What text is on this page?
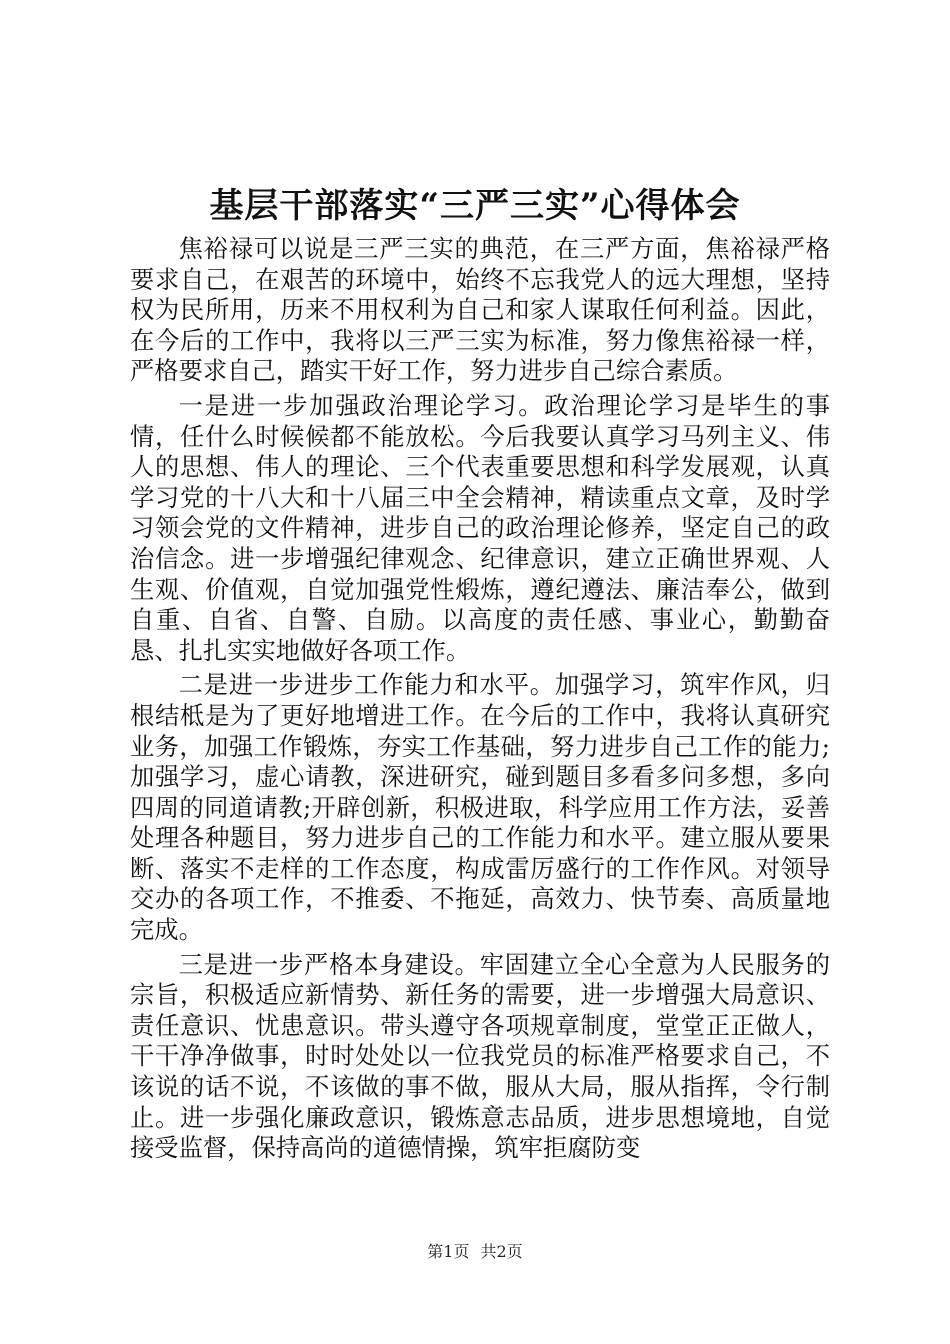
基层干部落实“三严三实”心得体会

焦裕禄可以说是三严三实的典范，在三严方面，焦裕禄严格要求自己，在艰苦的环境中，始终不忘我党人的远大理想，坚持权为民所用，历来不用权利为自己和家人谋取任何利益。因此，在今后的工作中，我将以三严三实为标准，努力像焦裕禄一样，严格要求自己，踏实干好工作，努力进步自己综合素质。

一是进一步加强政治理论学习。政治理论学习是毕生的事情，任什么时候候都不能放松。今后我要认真学习马列主义、伟人的思想、伟人的理论、三个代表重要思想和科学发展观，认真学习党的十八大和十八届三中全会精神，精读重点文章，及时学习领会党的文件精神，进步自己的政治理论修养，坚定自己的政治信念。进一步增强纪律观念、纪律意识，建立正确世界观、人生观、价值观，自觉加强党性煅炼，遵纪遵法、廉洁奉公，做到自重、自省、自警、自励。以高度的责任感、事业心，勤勤奋恳、扎扎实实地做好各项工作。

二是进一步进步工作能力和水平。加强学习，筑牢作风，归根结柢是为了更好地增进工作。在今后的工作中，我将认真研究业务，加强工作锻炼，夯实工作基础，努力进步自己工作的能力;加强学习，虚心请教，深进研究，碰到题目多看多问多想，多向四周的同道请教;开辟创新，积极进取，科学应用工作方法，妥善处理各种题目，努力进步自己的工作能力和水平。建立服从要果断、落实不走样的工作态度，构成雷厉盛行的工作作风。对领导交办的各项工作，不推委、不拖延，高效力、快节奏、高质量地完成。

三是进一步严格本身建设。牢固建立全心全意为人民服务的宗旨，积极适应新情势、新任务的需要，进一步增强大局意识、责任意识、忧患意识。带头遵守各项规章制度，堂堂正正做人，干干净净做事，时时处处以一位我党员的标准严格要求自己，不该说的话不说，不该做的事不做，服从大局，服从指挥，令行制止。进一步强化廉政意识，锻炼意志品质，进步思想境地，自觉接受监督，保持高尚的道德情操，筑牢拒腐防变

第1页 共2页
